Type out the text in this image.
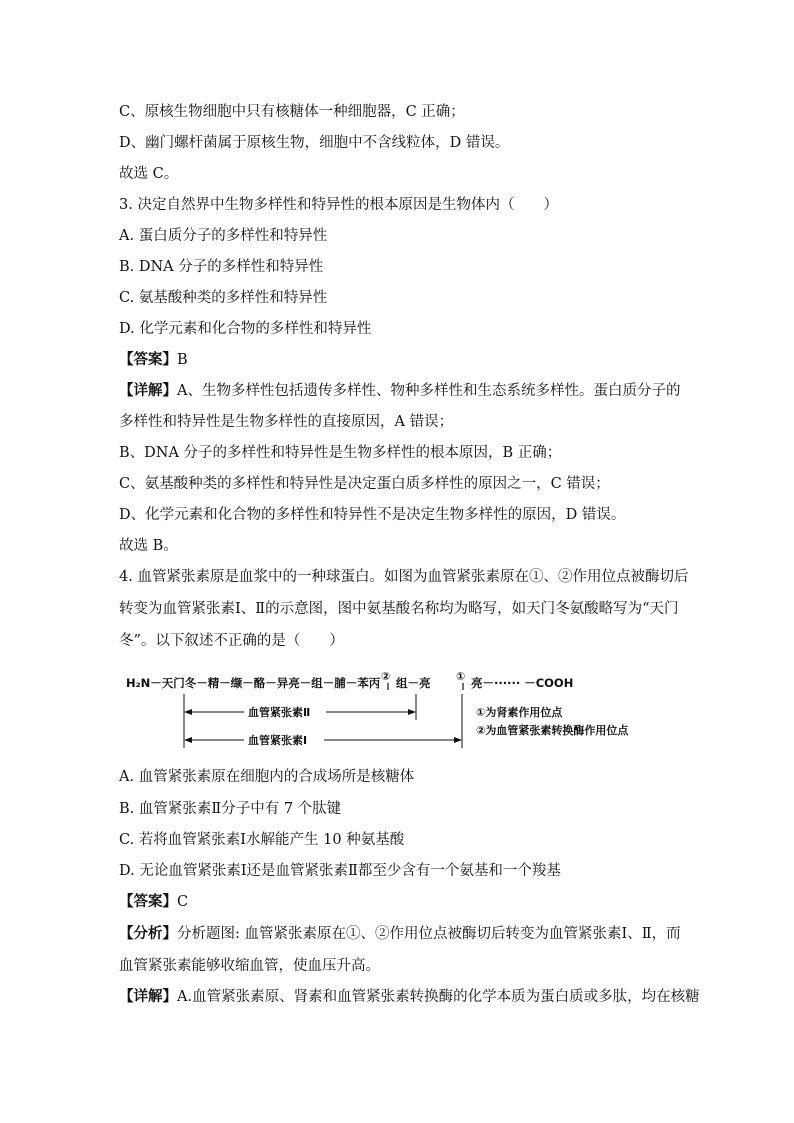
C、原核生物细胞中只有核糖体一种细胞器，C 正确；
D、幽门螺杆菌属于原核生物，细胞中不含线粒体，D 错误。
故选 C。
3. 决定自然界中生物多样性和特异性的根本原因是生物体内（　　）
A. 蛋白质分子的多样性和特异性
B. DNA 分子的多样性和特异性
C. 氨基酸种类的多样性和特异性
D. 化学元素和化合物的多样性和特异性
【答案】B
【详解】A、生物多样性包括遗传多样性、物种多样性和生态系统多样性。蛋白质分子的
多样性和特异性是生物多样性的直接原因，A 错误；
B、DNA 分子的多样性和特异性是生物多样性的根本原因，B 正确；
C、氨基酸种类的多样性和特异性是决定蛋白质多样性的原因之一，C 错误；
D、化学元素和化合物的多样性和特异性不是决定生物多样性的原因，D 错误。
故选 B。
4. 血管紧张素原是血浆中的一种球蛋白。如图为血管紧张素原在①、②作用位点被酶切后
转变为血管紧张素Ⅰ、Ⅱ的示意图，图中氨基酸名称均为略写，如天门冬氨酸略写为“天门
冬”。以下叙述不正确的是（　　）
H₂N－天门冬－精－缬－酪－异亮－组－脯－苯丙 ② 组－亮 ① 亮－······ －COOH
血管紧张素Ⅱ
血管紧张素Ⅰ
①为肾素作用位点
②为血管紧张素转换酶作用位点
A. 血管紧张素原在细胞内的合成场所是核糖体
B. 血管紧张素Ⅱ分子中有 7 个肽键
C. 若将血管紧张素Ⅰ水解能产生 10 种氨基酸
D. 无论血管紧张素Ⅰ还是血管紧张素Ⅱ都至少含有一个氨基和一个羧基
【答案】C
【分析】分析题图: 血管紧张素原在①、②作用位点被酶切后转变为血管紧张素Ⅰ、Ⅱ，而
血管紧张素能够收缩血管，使血压升高。
【详解】A.血管紧张素原、肾素和血管紧张素转换酶的化学本质为蛋白质或多肽，均在核糖
